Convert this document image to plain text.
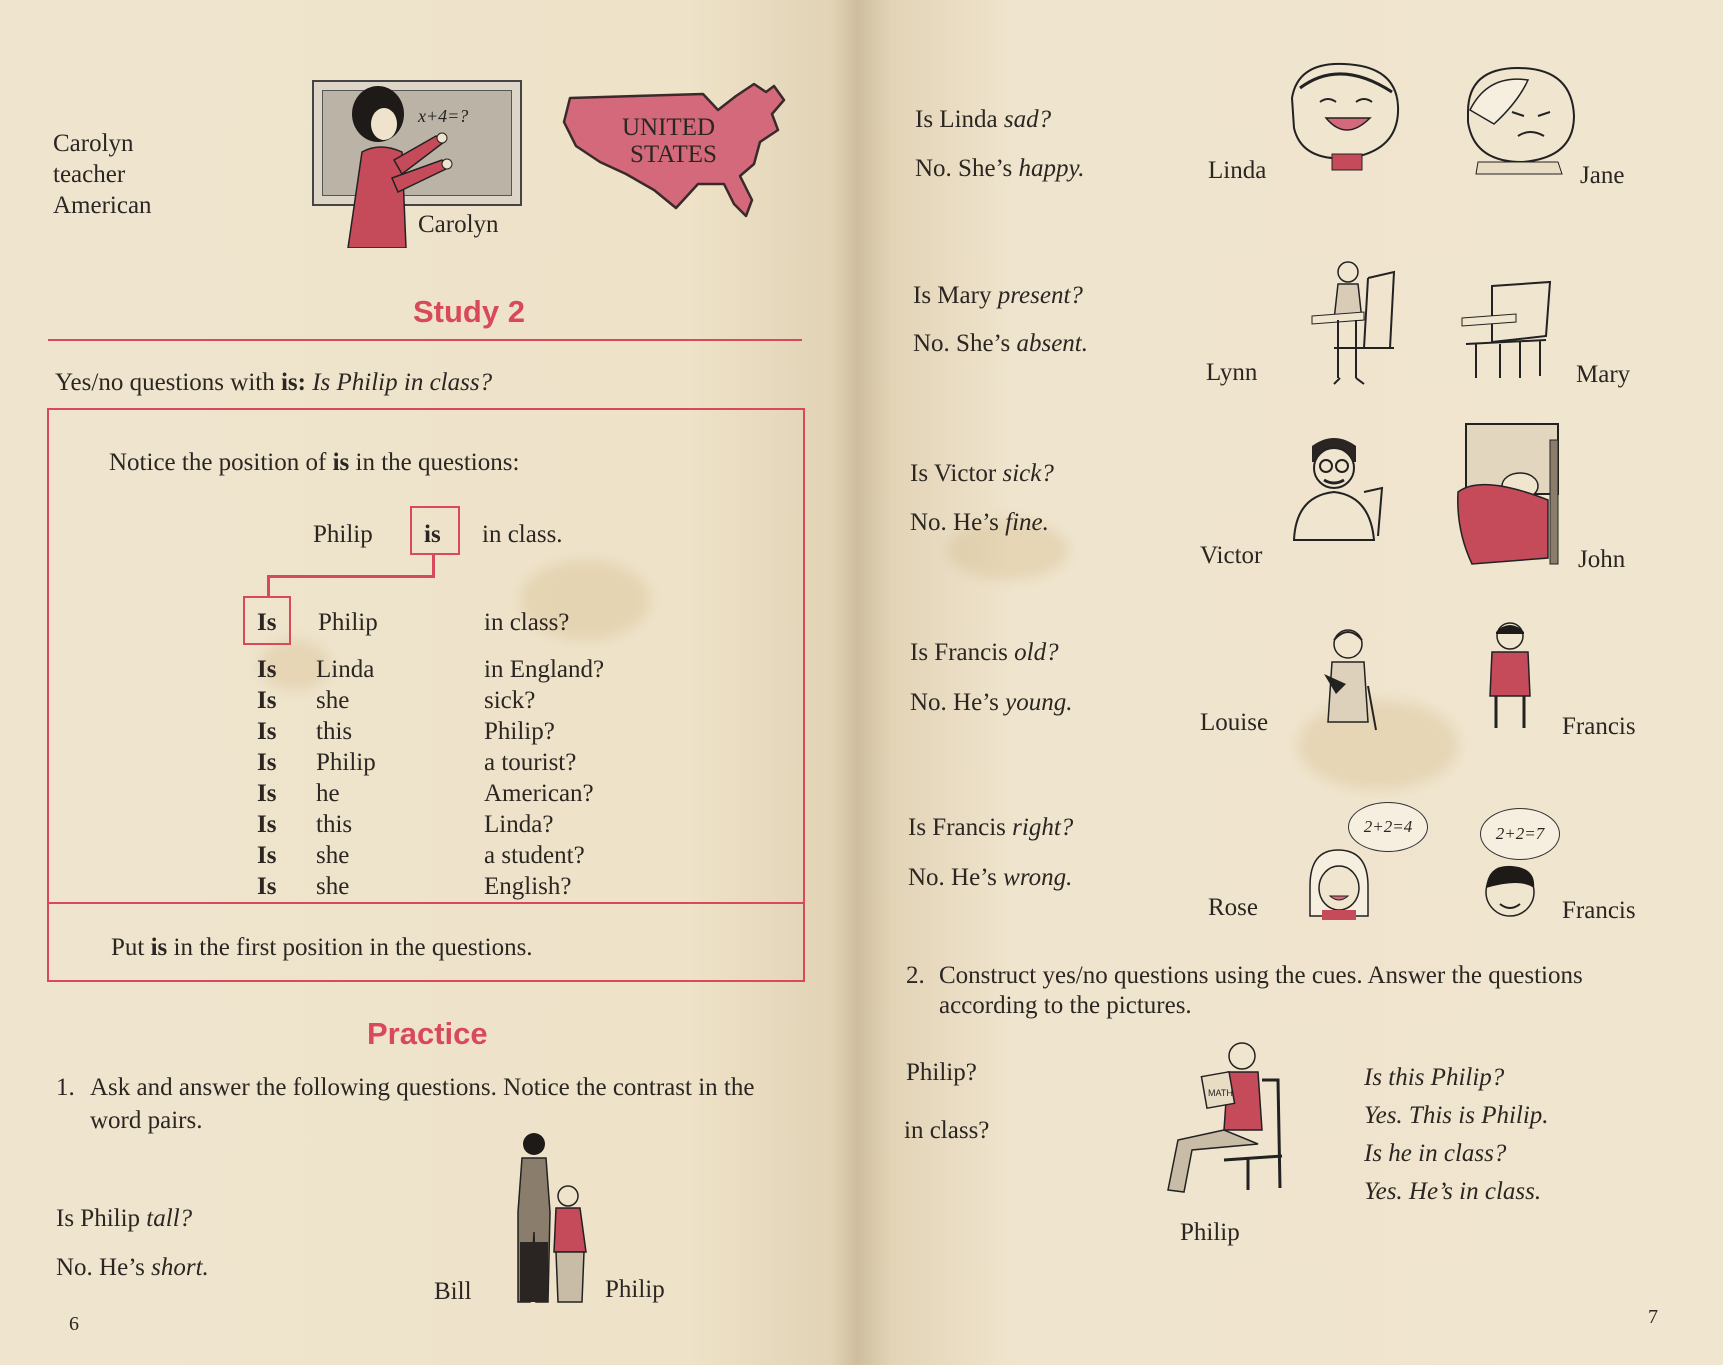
Carolyn
teacher
American
x+4=?
Carolyn
UNITED
STATES
Study 2
Yes/no questions with is: Is Philip in class?
Notice the position of is in the questions:
Philip is in class.
Is Philip	in class?
Is Linda	in England?
Is she	sick?
Is this	Philip?
Is Philip	a tourist?
Is he	American?
Is this	Linda?
Is she	a student?
Is she	English?
Put is in the first position in the questions.
Practice
1. Ask and answer the following questions. Notice the contrast in the
word pairs.
Is Philip tall?
No. He’s short.
Bill	Philip
6
Is Linda sad?
No. She’s happy.	Linda	Jane
Is Mary present?
No. She’s absent.
Lynn	Mary
Is Victor sick?
No. He’s fine.
Victor	John
Is Francis old?
No. He’s young.
Louise	Francis
Is Francis right?
No. He’s wrong.
Rose	Francis
2+2=4	2+2=7
2. Construct yes/no questions using the cues. Answer the questions
according to the pictures.
Philip?
in class?
MATH
Philip
Is this Philip?
Yes. This is Philip.
Is he in class?
Yes. He’s in class.
7
